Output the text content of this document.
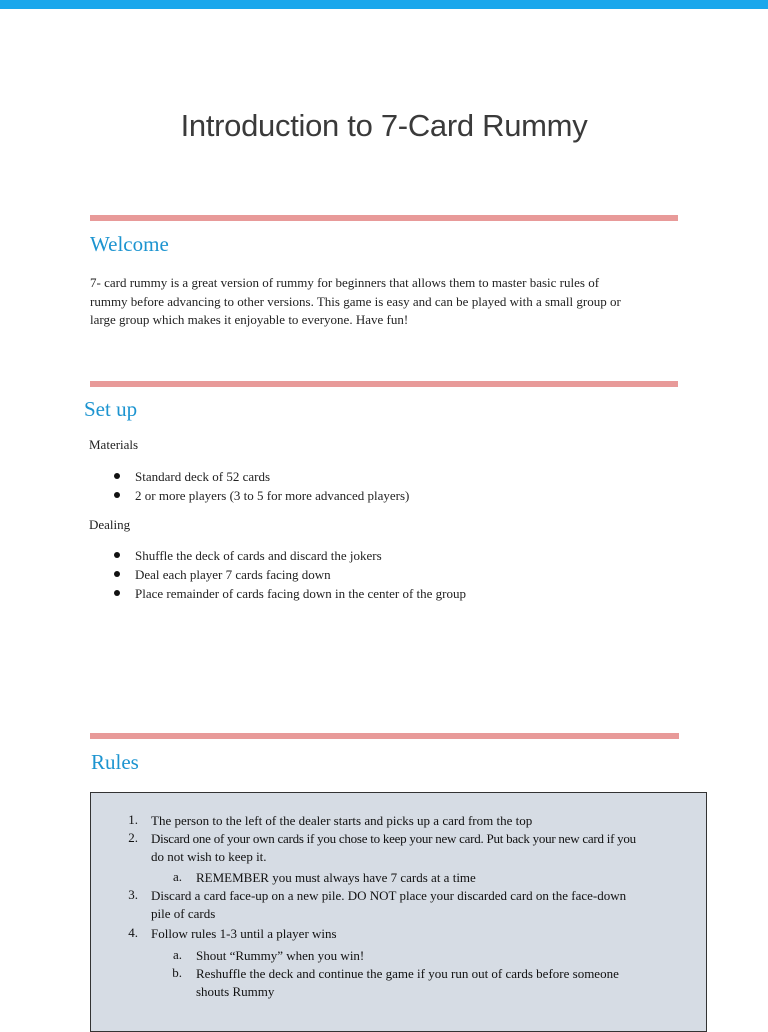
Introduction to 7-Card Rummy
Welcome
7- card rummy is a great version of rummy for beginners that allows them to master basic rules of
rummy before advancing to other versions. This game is easy and can be played with a small group or
large group which makes it enjoyable to everyone. Have fun!
Set up
Materials
Standard deck of 52 cards
2 or more players (3 to 5 for more advanced players)
Dealing
Shuffle the deck of cards and discard the jokers
Deal each player 7 cards facing down
Place remainder of cards facing down in the center of the group
Rules
1. The person to the left of the dealer starts and picks up a card from the top
2. Discard one of your own cards if you chose to keep your new card. Put back your new card if you
do not wish to keep it.
a. REMEMBER you must always have 7 cards at a time
3. Discard a card face-up on a new pile. DO NOT place your discarded card on the face-down
pile of cards
4. Follow rules 1-3 until a player wins
a. Shout “Rummy” when you win!
b. Reshuffle the deck and continue the game if you run out of cards before someone
shouts Rummy
